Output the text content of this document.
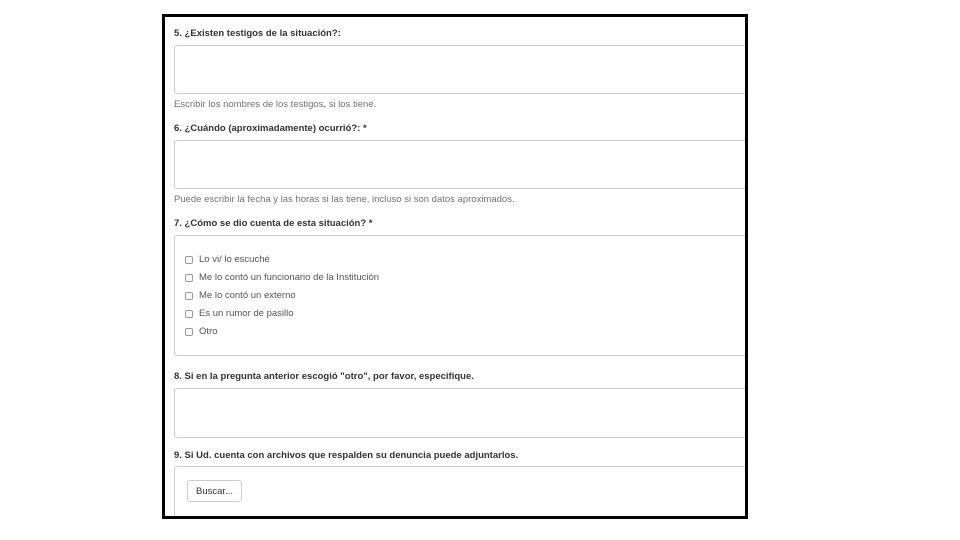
5. ¿Existen testigos de la situación?:
Escribir los nombres de los testigos, si los tiene.
6. ¿Cuándo (aproximadamente) ocurrió?: *
Puede escribir la fecha y las horas si las tiene, incluso si son datos aproximados.
7. ¿Cómo se dio cuenta de esta situación? *
Lo vi/ lo escuché
Me lo contó un funcionario de la Institución
Me lo contó un externo
Es un rumor de pasillo
Otro
8. Si en la pregunta anterior escogió "otro", por favor, especifique.
9. Si Ud. cuenta con archivos que respalden su denuncia puede adjuntarlos.
Buscar...
